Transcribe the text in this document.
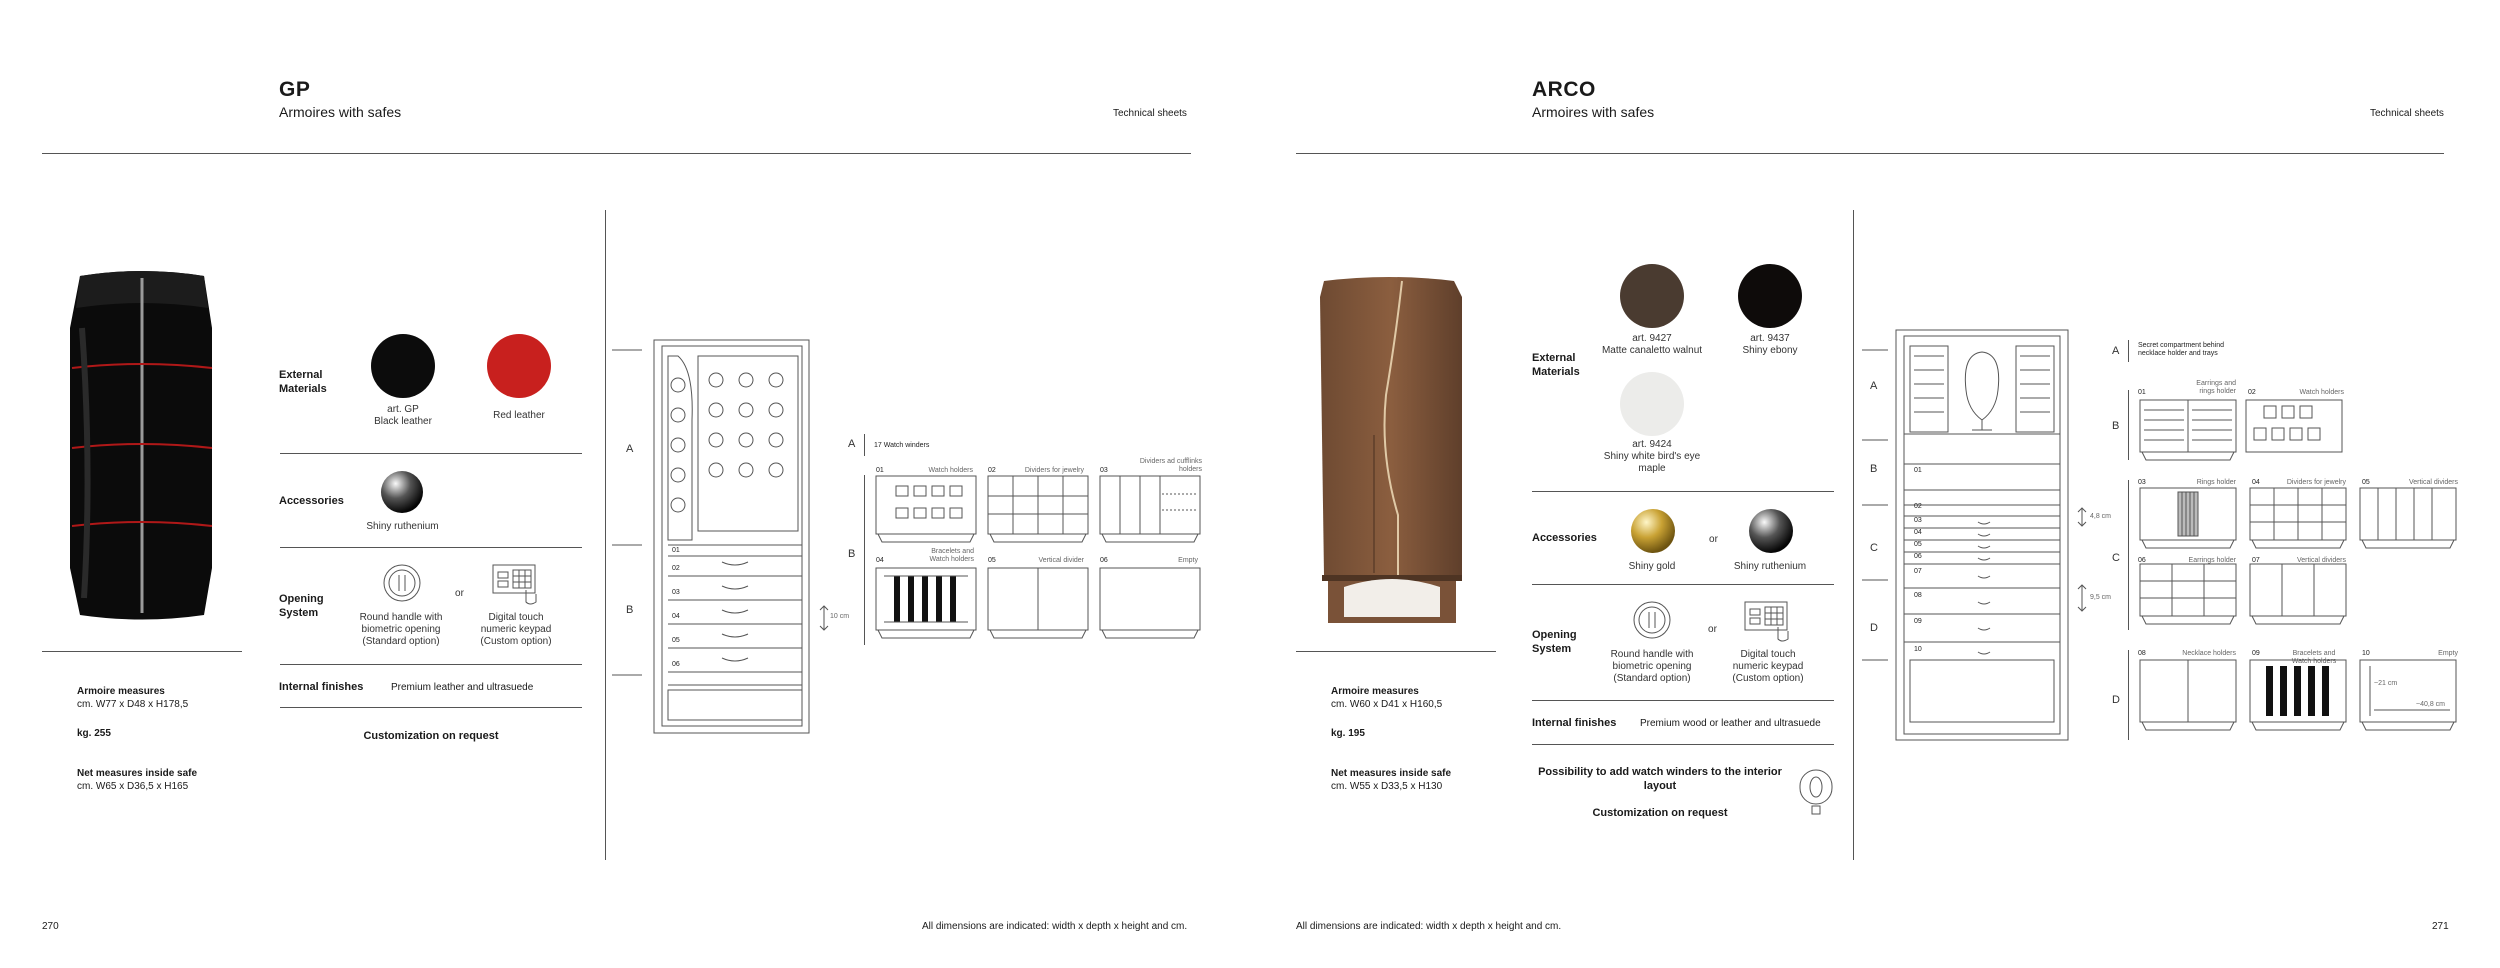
GP
Armoires with safes	Technical sheets
Armoire measures
cm. W77 x D48 x H178,5
kg. 255
Net measures inside safe
cm. W65 x D36,5 x H165
External Materials
art. GP
Black leather
Red leather
Accessories
Shiny ruthenium
Opening System
or
Round handle with biometric opening (Standard option)
Digital touch numeric keypad (Custom option)
Internal finishes	Premium leather and ultrasuede
Customization on request
A
B
01
02
03
04
05
06
10 cm
A	17 Watch winders
B
01	Watch holders 02	Dividers for jewelry 03
Dividers ad cufflinks holders
04
Bracelets and Watch holders 05	Vertical divider 06	Empty
270	All dimensions are indicated: width x depth x height and cm.
ARCO
Armoires with safes	Technical sheets
Armoire measures
cm. W60 x D41 x H160,5
kg. 195
Net measures inside safe
cm. W55 x D33,5 x H130
External Materials
art. 9427
Matte canaletto walnut
art. 9437
Shiny ebony
art. 9424
Shiny white bird's eye maple
Accessories	or
Shiny gold	Shiny ruthenium
Opening System
or
Round handle with biometric opening (Standard option)
Digital touch numeric keypad (Custom option)
Internal finishes Premium wood or leather and ultrasuede
Possibility to add watch winders to the interior layout
Customization on request
A
B
C
D
01
02
03
04
05
06
07
08
09
10
4,8 cm
9,5 cm
A	Secret compartment behind necklace holder and trays
B
C
D
01
Earrings and rings holder 02	Watch holders
03	Rings holder 04	Dividers for jewelry 05	Vertical dividers
06	Earrings holder 07	Vertical dividers
08	Necklace holders 09	Bracelets and Watch holders
10	Empty
~21 cm
~40,8 cm
All dimensions are indicated: width x depth x height and cm.	271
